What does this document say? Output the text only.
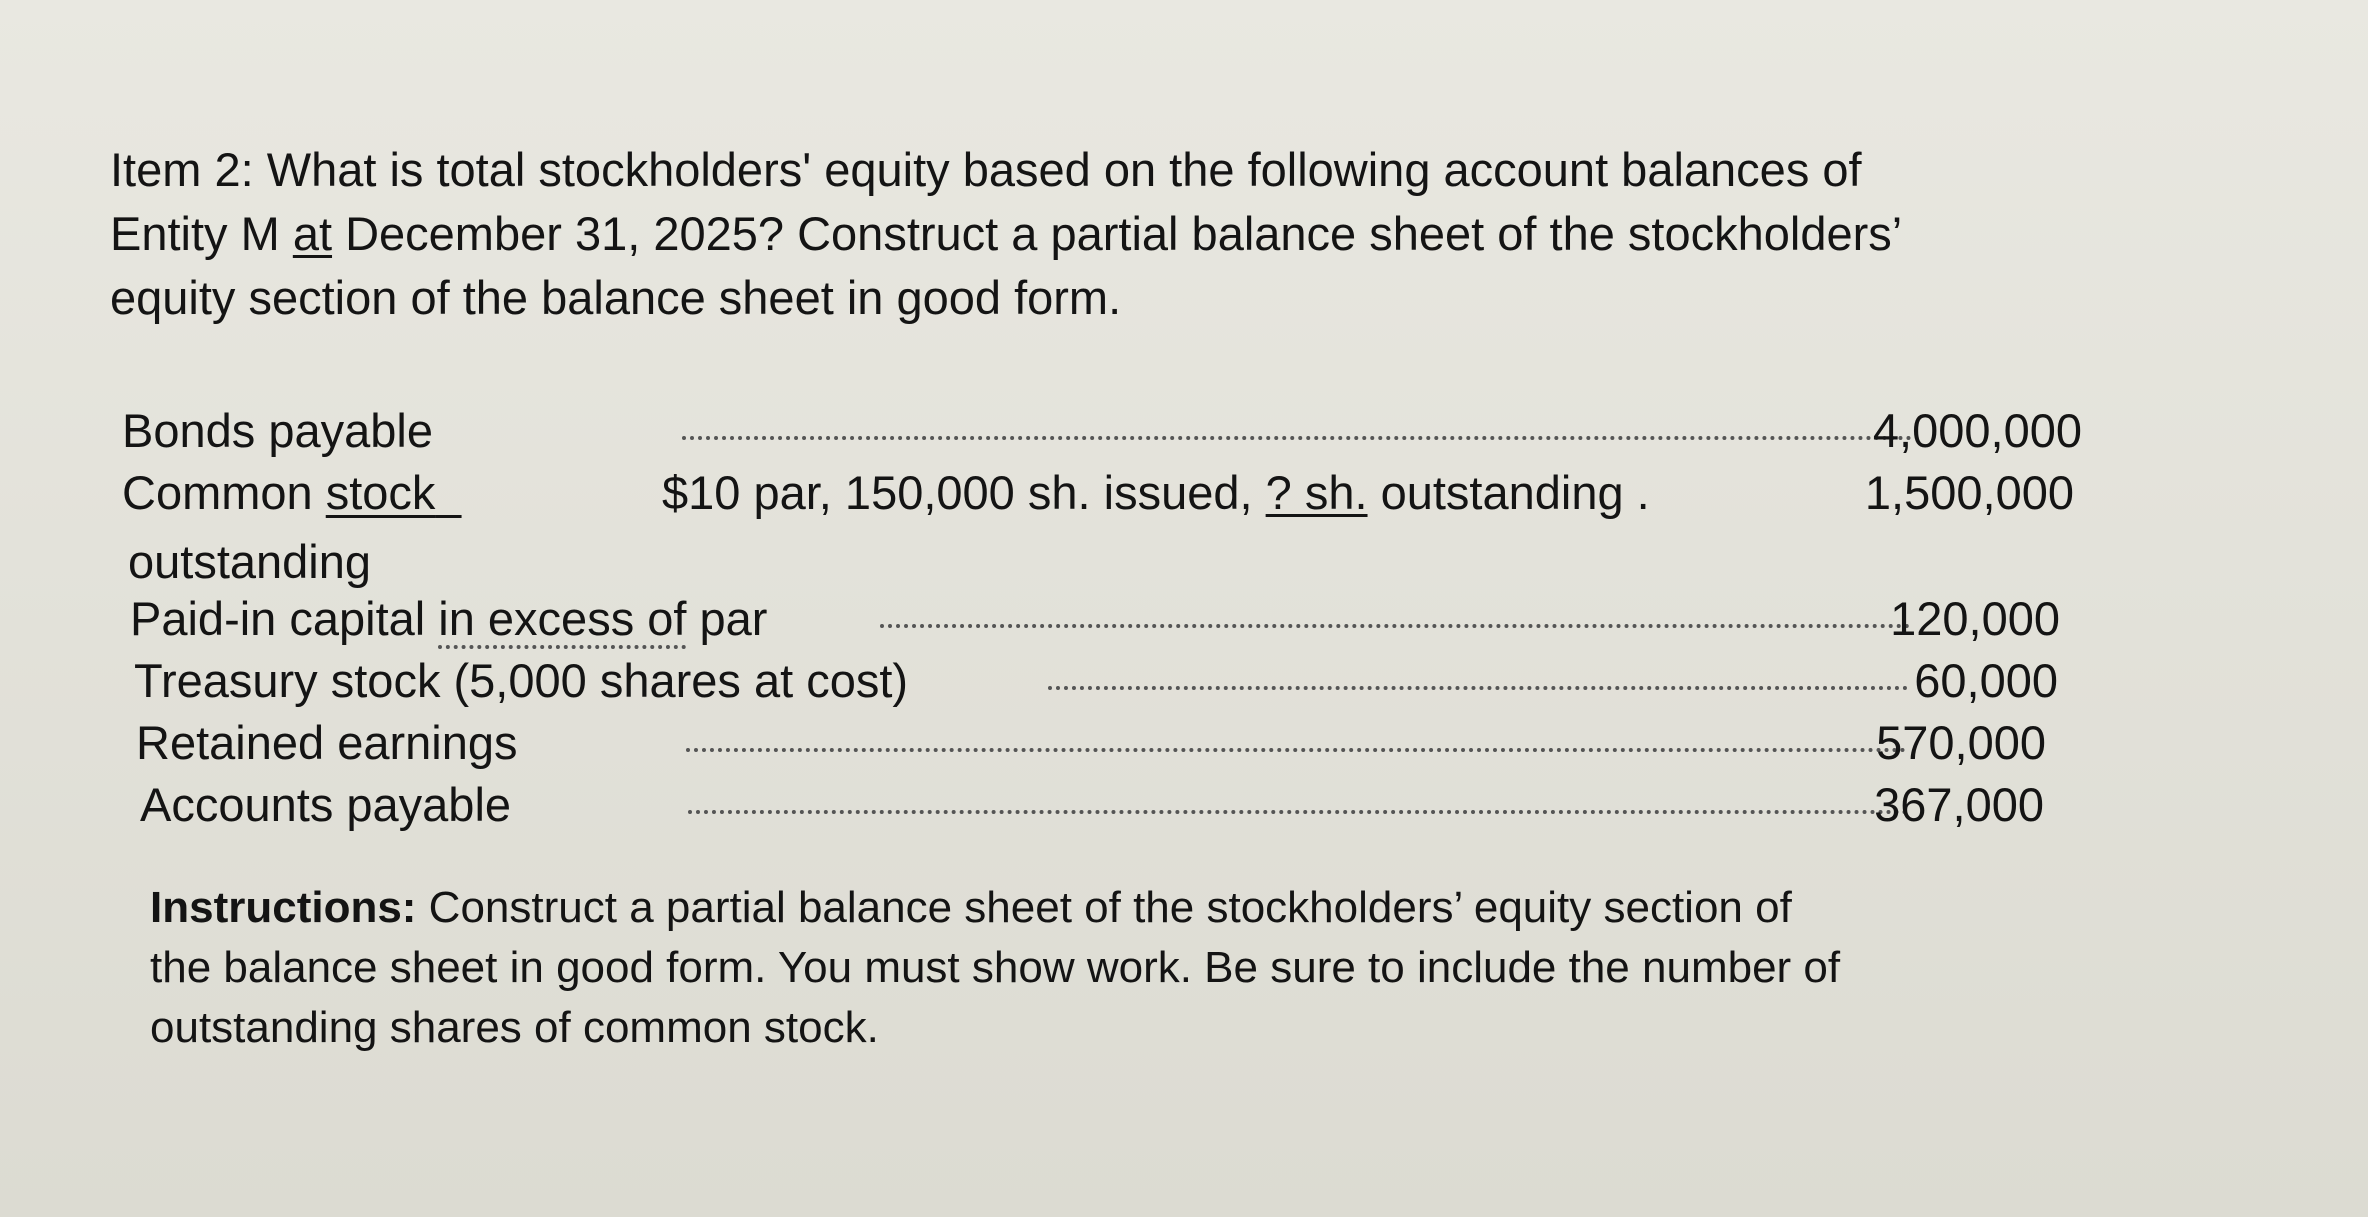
Item 2: What is total stockholders' equity based on the following account balances of

Entity M at December 31, 2025? Construct a partial balance sheet of the stockholders’

equity section of the balance sheet in good form.

Bonds payable	4,000,000
Common stock	$10 par, 150,000 sh. issued, ? sh. outstanding .	1,500,000
outstanding
Paid-in capital in excess of par	120,000
Treasury stock (5,000 shares at cost)	60,000
Retained earnings	570,000
Accounts payable	367,000
Instructions: Construct a partial balance sheet of the stockholders’ equity section of
the balance sheet in good form. You must show work. Be sure to include the number of
outstanding shares of common stock.
